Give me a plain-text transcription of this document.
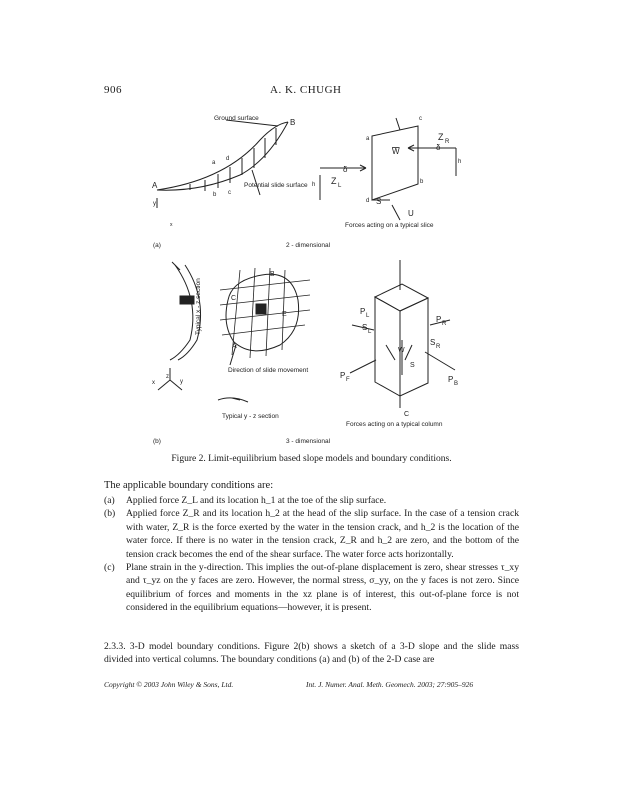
906	A. K. CHUGH
Ground surface	B
A
d
a
b c
Potential slide surface
y
x
(a)	2 - dimensional
W
Z R
δ
Z L
δ
S
U
h
h
c
a
d
b
Forces acting on a typical slice
Typical x - z section
B
C
E
A
Direction of slide movement
Typical y - z section
z
y
x
(b)	3 - dimensional
P L	P R
P F	P B
S L
S R
W
S
C
Forces acting on a typical column
Figure 2. Limit-equilibrium based slope models and boundary conditions.
The applicable boundary conditions are:
(a) Applied force Z_L and its location h_1 at the toe of the slip surface.
(b) Applied force Z_R and its location h_2 at the head of the slip surface. In the case of a tension crack with water, Z_R is the force exerted by the water in the tension crack, and h_2 is the location of the water force. If there is no water in the tension crack, Z_R and h_2 are zero, and the bottom of the tension crack becomes the end of the shear surface. The water force acts horizontally.
(c) Plane strain in the y-direction. This implies the out-of-plane displacement is zero, shear stresses τ_xy and τ_yz on the y faces are zero. However, the normal stress, σ_yy, on the y faces is not zero. Since equilibrium of forces and moments in the xz plane is of interest, this out-of-plane force is not considered in the equilibrium equations—however, it is present.
2.3.3. 3-D model boundary conditions. Figure 2(b) shows a sketch of a 3-D slope and the slide mass divided into vertical columns. The boundary conditions (a) and (b) of the 2-D case are
Copyright © 2003 John Wiley & Sons, Ltd.	Int. J. Numer. Anal. Meth. Geomech. 2003; 27:905–926
